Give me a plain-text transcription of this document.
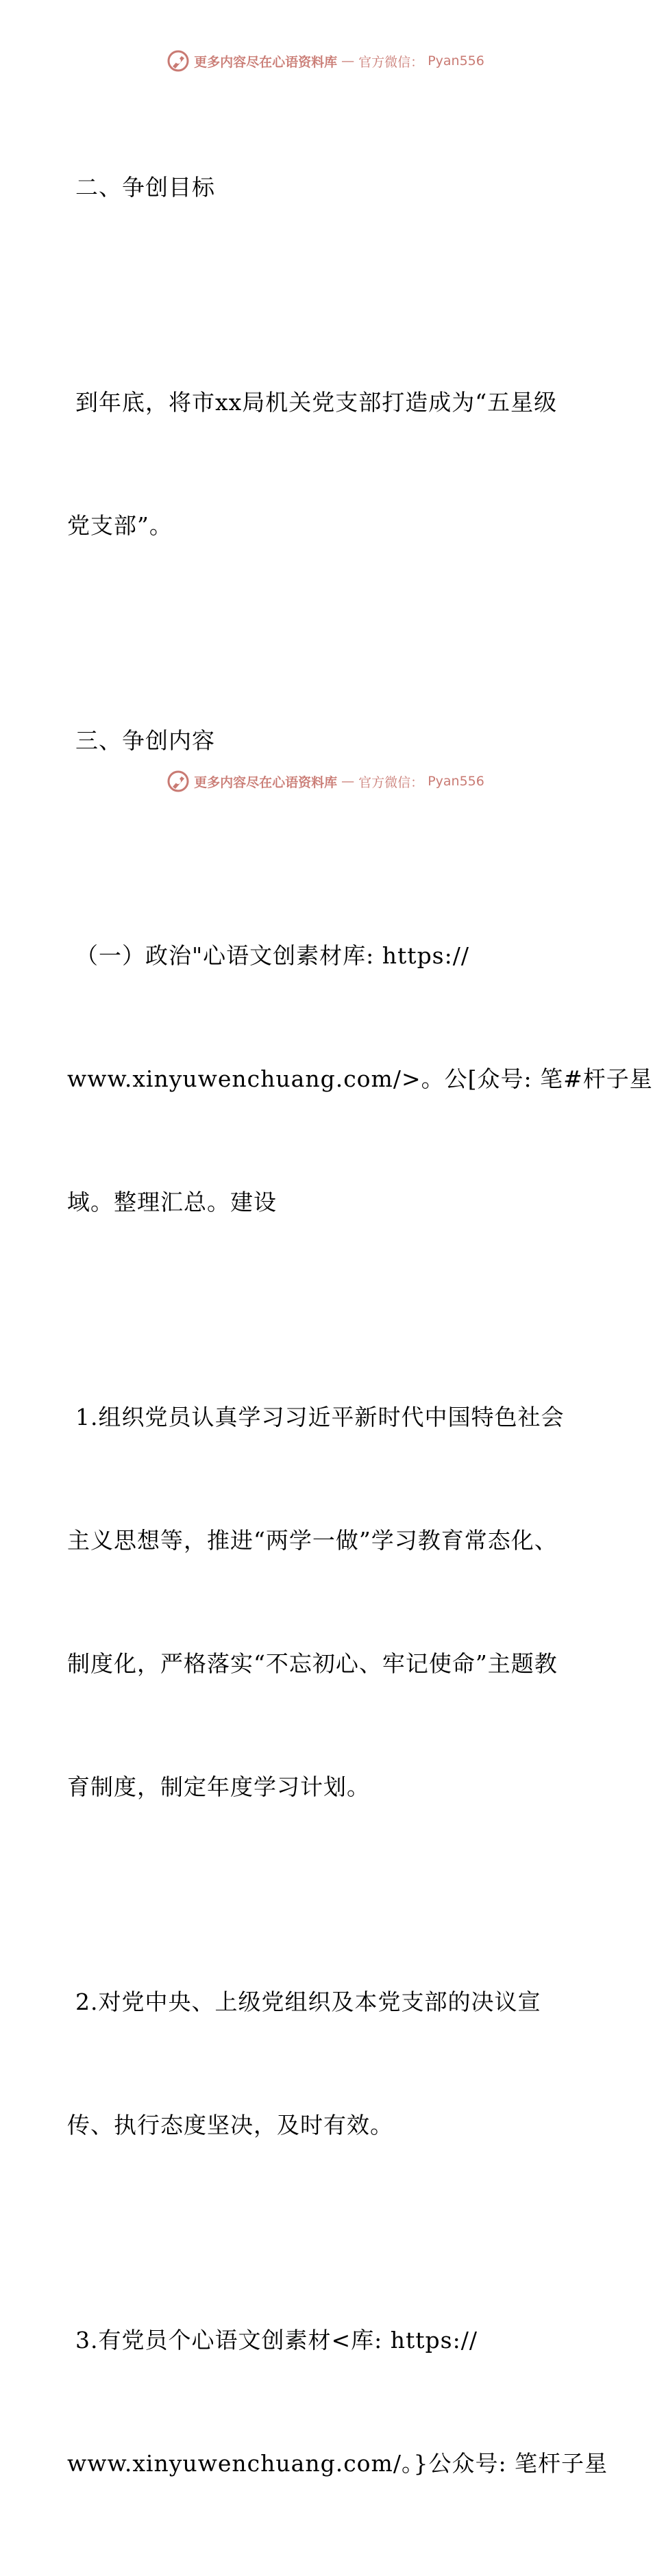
更多内容尽在心语资料库 — 官方微信： Pyan556

二、争创目标

到年底，将市xx局机关党支部打造成为“五星级

党支部”。

三、争创内容

（一）政治"心语文创素材库: https://

www.xinyuwenchuang.com/>。公[众号: 笔#杆子星

域。整理汇总。建设

1.组织党员认真学习习近平新时代中国特色社会

主义思想等，推进“两学一做”学习教育常态化、

制度化，严格落实“不忘初心、牢记使命”主题教

育制度，制定年度学习计划。

2.对党中央、上级党组织及本党支部的决议宣

传、执行态度坚决，及时有效。

3.有党员个心语文创素材<库: https://

www.xinyuwenchuang.com/。}公众号: 笔杆子星

更多内容尽在心语资料库 — 官方微信： Pyan556
